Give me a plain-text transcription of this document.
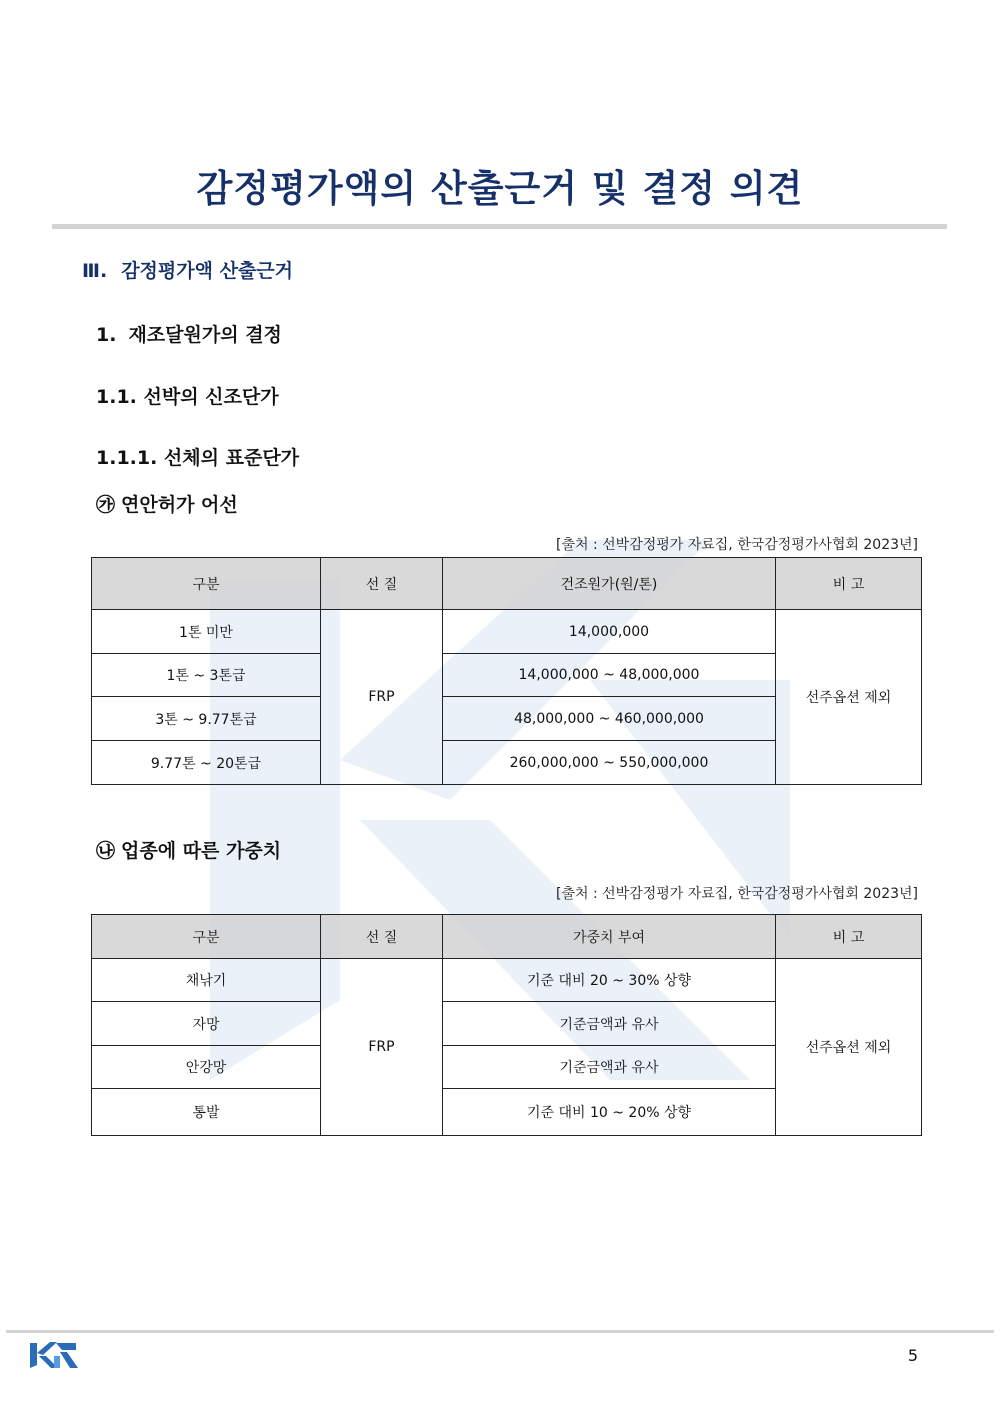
감정평가액의 산출근거 및 결정 의견
Ⅲ. 감정평가액 산출근거
1. 재조달원가의 결정
1.1. 선박의 신조단가
1.1.1. 선체의 표준단가
㉮ 연안허가 어선
[출처 : 선박감정평가 자료집, 한국감정평가사협회 2023년]
구분	선 질	건조원가(원/톤)	비 고
1톤 미만	FRP	14,000,000	선주옵션 제외
1톤 ~ 3톤급		14,000,000 ~ 48,000,000	
3톤 ~ 9.77톤급		48,000,000 ~ 460,000,000	
9.77톤 ~ 20톤급		260,000,000 ~ 550,000,000	
㉯ 업종에 따른 가중치
[출처 : 선박감정평가 자료집, 한국감정평가사협회 2023년]
구분	선 질	가중치 부여	비 고
채낚기	FRP	기준 대비 20 ~ 30% 상향	선주옵션 제외
자망		기준금액과 유사	
안강망		기준금액과 유사	
통발		기준 대비 10 ~ 20% 상향	
5
